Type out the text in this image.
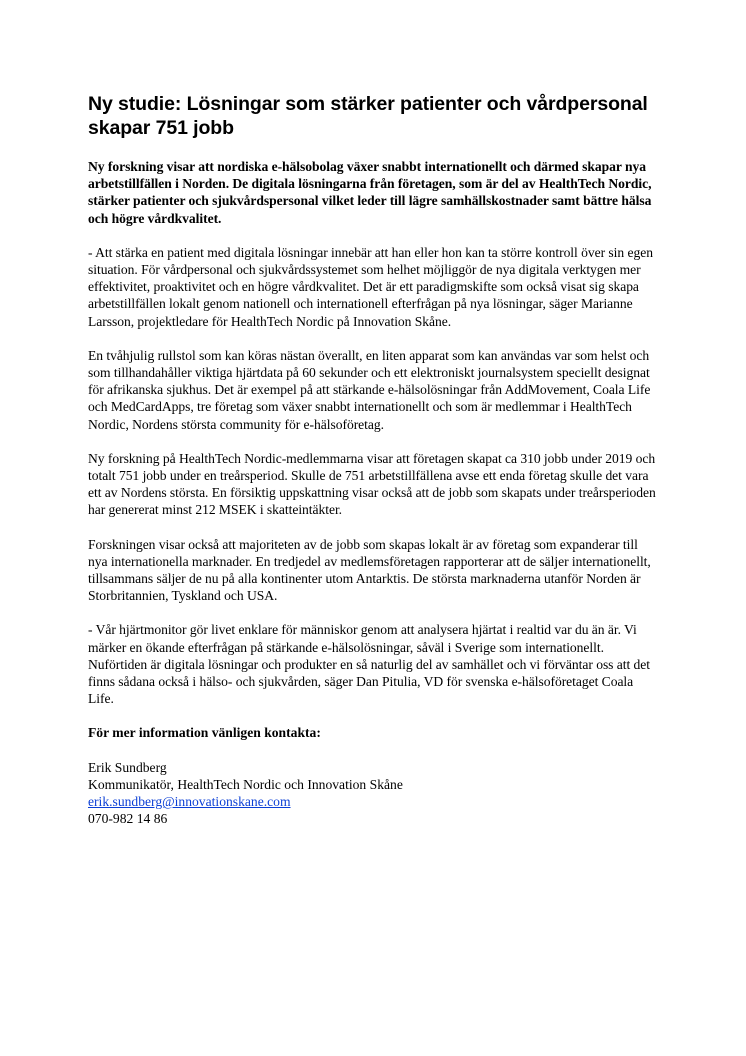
Ny studie: Lösningar som stärker patienter och vårdpersonal skapar 751 jobb

Ny forskning visar att nordiska e-hälsobolag växer snabbt internationellt och därmed skapar nya arbetstillfällen i Norden. De digitala lösningarna från företagen, som är del av HealthTech Nordic, stärker patienter och sjukvårdspersonal vilket leder till lägre samhällskostnader samt bättre hälsa och högre vårdkvalitet.

- Att stärka en patient med digitala lösningar innebär att han eller hon kan ta större kontroll över sin egen situation. För vårdpersonal och sjukvårdssystemet som helhet möjliggör de nya digitala verktygen mer effektivitet, proaktivitet och en högre vårdkvalitet. Det är ett paradigmskifte som också visat sig skapa arbetstillfällen lokalt genom nationell och internationell efterfrågan på nya lösningar, säger Marianne Larsson, projektledare för HealthTech Nordic på Innovation Skåne.

En tvåhjulig rullstol som kan köras nästan överallt, en liten apparat som kan användas var som helst och som tillhandahåller viktiga hjärtdata på 60 sekunder och ett elektroniskt journalsystem speciellt designat för afrikanska sjukhus. Det är exempel på att stärkande e-hälsolösningar från AddMovement, Coala Life och MedCardApps, tre företag som växer snabbt internationellt och som är medlemmar i HealthTech Nordic, Nordens största community för e-hälsoföretag.

Ny forskning på HealthTech Nordic-medlemmarna visar att företagen skapat ca 310 jobb under 2019 och totalt 751 jobb under en treårsperiod. Skulle de 751 arbetstillfällena avse ett enda företag skulle det vara ett av Nordens största. En försiktig uppskattning visar också att de jobb som skapats under treårsperioden har genererat minst 212 MSEK i skatteintäkter.

Forskningen visar också att majoriteten av de jobb som skapas lokalt är av företag som expanderar till nya internationella marknader. En tredjedel av medlemsföretagen rapporterar att de säljer internationellt, tillsammans säljer de nu på alla kontinenter utom Antarktis. De största marknaderna utanför Norden är Storbritannien, Tyskland och USA.

- Vår hjärtmonitor gör livet enklare för människor genom att analysera hjärtat i realtid var du än är. Vi märker en ökande efterfrågan på stärkande e-hälsolösningar, såväl i Sverige som internationellt. Nuförtiden är digitala lösningar och produkter en så naturlig del av samhället och vi förväntar oss att det finns sådana också i hälso- och sjukvården, säger Dan Pitulia, VD för svenska e-hälsoföretaget Coala Life.

För mer information vänligen kontakta:

Erik Sundberg

Kommunikatör, HealthTech Nordic och Innovation Skåne

erik.sundberg@innovationskane.com

070-982 14 86
